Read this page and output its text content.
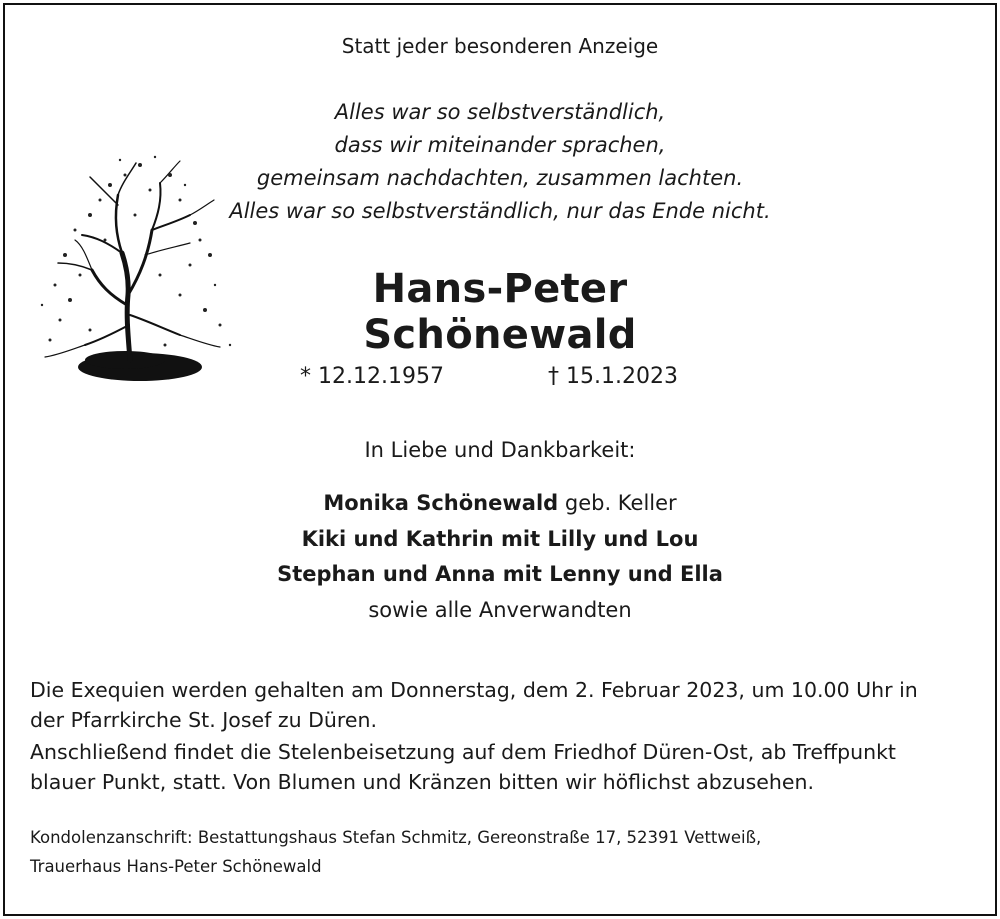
Statt jeder besonderen Anzeige
Alles war so selbstverständlich,
dass wir miteinander sprachen,
gemeinsam nachdachten, zusammen lachten.
Alles war so selbstverständlich, nur das Ende nicht.
Hans-Peter Schönewald
* 12.12.1957	† 15.1.2023
In Liebe und Dankbarkeit:
Monika Schönewald geb. Keller
Kiki und Kathrin mit Lilly und Lou
Stephan und Anna mit Lenny und Ella
sowie alle Anverwandten
Die Exequien werden gehalten am Donnerstag, dem 2. Februar 2023, um 10.00 Uhr in
der Pfarrkirche St. Josef zu Düren.
Anschließend findet die Stelenbeisetzung auf dem Friedhof Düren-Ost, ab Treffpunkt
blauer Punkt, statt. Von Blumen und Kränzen bitten wir höflichst abzusehen.
Kondolenzanschrift: Bestattungshaus Stefan Schmitz, Gereonstraße 17, 52391 Vettweiß,
Trauerhaus Hans-Peter Schönewald
